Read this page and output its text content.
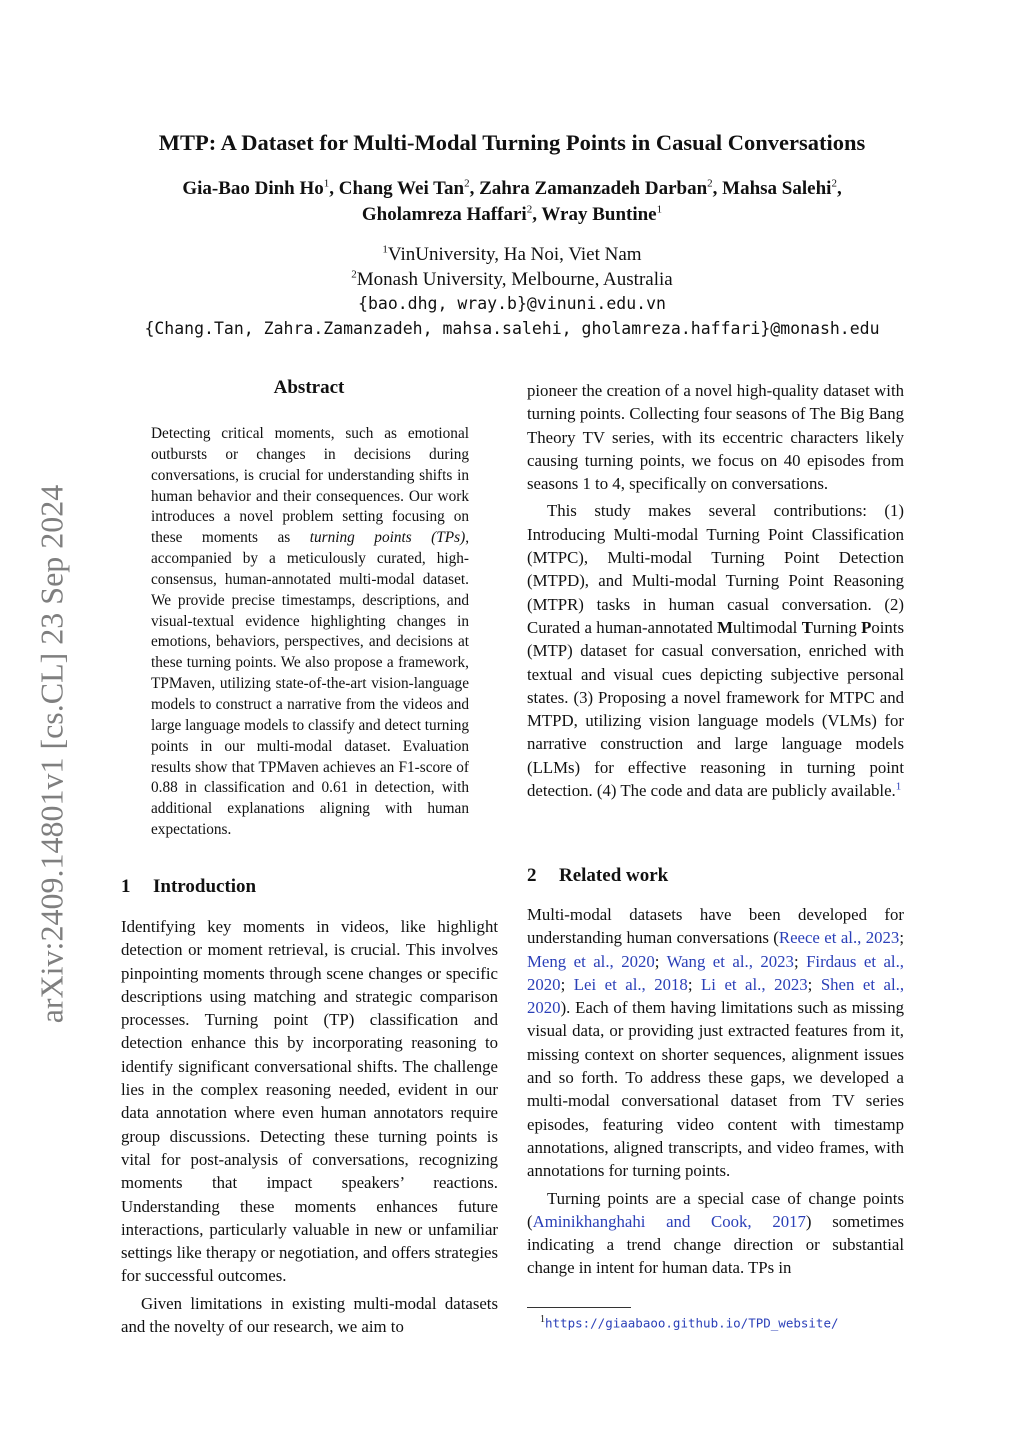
arXiv:2409.14801v1 [cs.CL] 23 Sep 2024
MTP: A Dataset for Multi-Modal Turning Points in Casual Conversations
Gia-Bao Dinh Ho$^1$, Chang Wei Tan$^2$, Zahra Zamanzadeh Darban$^2$, Mahsa Salehi$^2$,
Gholamreza Haffari$^2$, Wray Buntine$^1$
$^1$VinUniversity, Ha Noi, Viet Nam
$^2$Monash University, Melbourne, Australia
{bao.dhg, wray.b}@vinuni.edu.vn
{Chang.Tan, Zahra.Zamanzadeh, mahsa.salehi, gholamreza.haffari}@monash.edu
Abstract
Detecting critical moments, such as emotional outbursts or changes in decisions during conversations, is crucial for understanding shifts in human behavior and their consequences. Our work introduces a novel problem setting focusing on these moments as turning points (TPs), accompanied by a meticulously curated, high-consensus, human-annotated multi-modal dataset. We provide precise timestamps, descriptions, and visual-textual evidence highlighting changes in emotions, behaviors, perspectives, and decisions at these turning points. We also propose a framework, TPMaven, utilizing state-of-the-art vision-language models to construct a narrative from the videos and large language models to classify and detect turning points in our multi-modal dataset. Evaluation results show that TPMaven achieves an F1-score of 0.88 in classification and 0.61 in detection, with additional explanations aligning with human expectations.
1 Introduction

Identifying key moments in videos, like highlight detection or moment retrieval, is crucial. This involves pinpointing moments through scene changes or specific descriptions using matching and strategic comparison processes. Turning point (TP) classification and detection enhance this by incorporating reasoning to identify significant conversational shifts. The challenge lies in the complex reasoning needed, evident in our data annotation where even human annotators require group discussions. Detecting these turning points is vital for post-analysis of conversations, recognizing moments that impact speakers’ reactions. Understanding these moments enhances future interactions, particularly valuable in new or unfamiliar settings like therapy or negotiation, and offers strategies for successful outcomes.

Given limitations in existing multi-modal datasets and the novelty of our research, we aim to

pioneer the creation of a novel high-quality dataset with turning points. Collecting four seasons of The Big Bang Theory TV series, with its eccentric characters likely causing turning points, we focus on 40 episodes from seasons 1 to 4, specifically on conversations.

This study makes several contributions: (1) Introducing Multi-modal Turning Point Classification (MTPC), Multi-modal Turning Point Detection (MTPD), and Multi-modal Turning Point Reasoning (MTPR) tasks in human casual conversation. (2) Curated a human-annotated Multimodal Turning Points (MTP) dataset for casual conversation, enriched with textual and visual cues depicting subjective personal states. (3) Proposing a novel framework for MTPC and MTPD, utilizing vision language models (VLMs) for narrative construction and large language models (LLMs) for effective reasoning in turning point detection. (4) The code and data are publicly available.$^1$

2 Related work

Multi-modal datasets have been developed for understanding human conversations (Reece et al., 2023; Meng et al., 2020; Wang et al., 2023; Firdaus et al., 2020; Lei et al., 2018; Li et al., 2023; Shen et al., 2020). Each of them having limitations such as missing visual data, or providing just extracted features from it, missing context on shorter sequences, alignment issues and so forth. To address these gaps, we developed a multi-modal conversational dataset from TV series episodes, featuring video content with timestamp annotations, aligned transcripts, and video frames, with annotations for turning points.

Turning points are a special case of change points (Aminikhanghahi and Cook, 2017) sometimes indicating a trend change direction or substantial change in intent for human data. TPs in

$^1$https://giaabaoo.github.io/TPD_website/
